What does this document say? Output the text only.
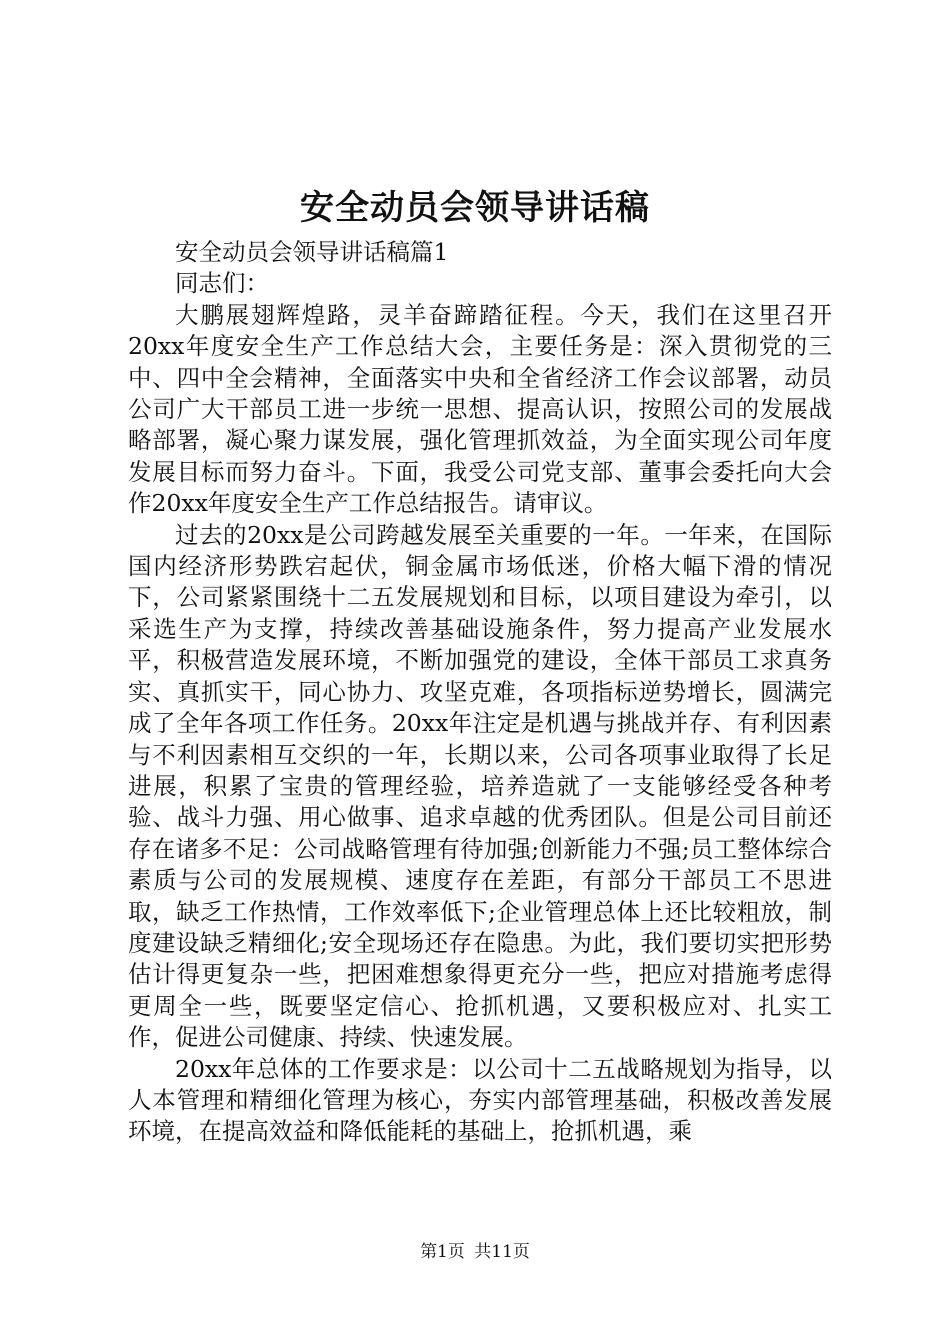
安全动员会领导讲话稿

安全动员会领导讲话稿篇1

同志们：

大鹏展翅辉煌路，灵羊奋蹄踏征程。今天，我们在这里召开20xx年度安全生产工作总结大会，主要任务是：深入贯彻党的三中、四中全会精神，全面落实中央和全省经济工作会议部署，动员公司广大干部员工进一步统一思想、提高认识，按照公司的发展战略部署，凝心聚力谋发展，强化管理抓效益，为全面实现公司年度发展目标而努力奋斗。下面，我受公司党支部、董事会委托向大会作20xx年度安全生产工作总结报告。请审议。

过去的20xx是公司跨越发展至关重要的一年。一年来，在国际国内经济形势跌宕起伏，铜金属市场低迷，价格大幅下滑的情况下，公司紧紧围绕十二五发展规划和目标，以项目建设为牵引，以采选生产为支撑，持续改善基础设施条件，努力提高产业发展水平，积极营造发展环境，不断加强党的建设，全体干部员工求真务实、真抓实干，同心协力、攻坚克难，各项指标逆势增长，圆满完成了全年各项工作任务。20xx年注定是机遇与挑战并存、有利因素与不利因素相互交织的一年，长期以来，公司各项事业取得了长足进展，积累了宝贵的管理经验，培养造就了一支能够经受各种考验、战斗力强、用心做事、追求卓越的优秀团队。但是公司目前还存在诸多不足：公司战略管理有待加强;创新能力不强;员工整体综合素质与公司的发展规模、速度存在差距，有部分干部员工不思进取，缺乏工作热情，工作效率低下;企业管理总体上还比较粗放，制度建设缺乏精细化;安全现场还存在隐患。为此，我们要切实把形势估计得更复杂一些，把困难想象得更充分一些，把应对措施考虑得更周全一些，既要坚定信心、抢抓机遇，又要积极应对、扎实工作，促进公司健康、持续、快速发展。

20xx年总体的工作要求是：以公司十二五战略规划为指导，以人本管理和精细化管理为核心，夯实内部管理基础，积极改善发展环境，在提高效益和降低能耗的基础上，抢抓机遇，乘

第1页 共11页
